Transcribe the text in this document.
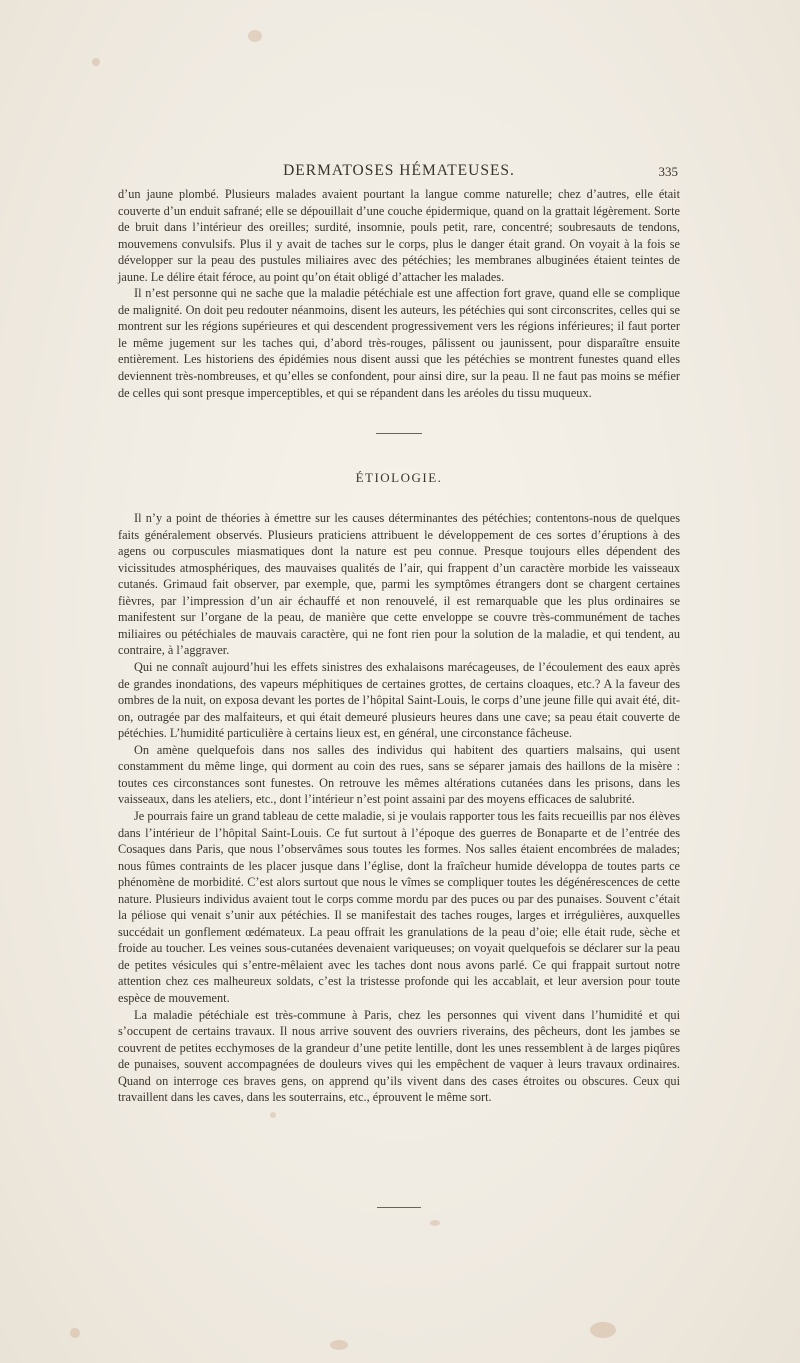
DERMATOSES HÉMATEUSES.	335

d’un jaune plombé. Plusieurs malades avaient pourtant la langue comme naturelle; chez d’autres, elle était couverte d’un enduit safrané; elle se dépouillait d’une couche épidermique, quand on la grattait légèrement. Sorte de bruit dans l’intérieur des oreilles; surdité, insomnie, pouls petit, rare, concentré; soubresauts de tendons, mouvemens convulsifs. Plus il y avait de taches sur le corps, plus le danger était grand. On voyait à la fois se développer sur la peau des pustules miliaires avec des pétéchies; les membranes albuginées étaient teintes de jaune. Le délire était féroce, au point qu’on était obligé d’attacher les malades.

Il n’est personne qui ne sache que la maladie pétéchiale est une affection fort grave, quand elle se complique de malignité. On doit peu redouter néanmoins, disent les auteurs, les pétéchies qui sont circonscrites, celles qui se montrent sur les régions supérieures et qui descendent progressivement vers les régions inférieures; il faut porter le même jugement sur les taches qui, d’abord très-rouges, pâlissent ou jaunissent, pour disparaître ensuite entièrement. Les historiens des épidémies nous disent aussi que les pétéchies se montrent funestes quand elles deviennent très-nombreuses, et qu’elles se confondent, pour ainsi dire, sur la peau. Il ne faut pas moins se méfier de celles qui sont presque imperceptibles, et qui se répandent dans les aréoles du tissu muqueux.

ÉTIOLOGIE.

Il n’y a point de théories à émettre sur les causes déterminantes des pétéchies; contentons-nous de quelques faits généralement observés. Plusieurs praticiens attribuent le développement de ces sortes d’éruptions à des agens ou corpuscules miasmatiques dont la nature est peu connue. Presque toujours elles dépendent des vicissitudes atmosphériques, des mauvaises qualités de l’air, qui frappent d’un caractère morbide les vaisseaux cutanés. Grimaud fait observer, par exemple, que, parmi les symptômes étrangers dont se chargent certaines fièvres, par l’impression d’un air échauffé et non renouvelé, il est remarquable que les plus ordinaires se manifestent sur l’organe de la peau, de manière que cette enveloppe se couvre très-communément de taches miliaires ou pétéchiales de mauvais caractère, qui ne font rien pour la solution de la maladie, et qui tendent, au contraire, à l’aggraver.

Qui ne connaît aujourd’hui les effets sinistres des exhalaisons marécageuses, de l’écoulement des eaux après de grandes inondations, des vapeurs méphitiques de certaines grottes, de certains cloaques, etc.? A la faveur des ombres de la nuit, on exposa devant les portes de l’hôpital Saint-Louis, le corps d’une jeune fille qui avait été, dit-on, outragée par des malfaiteurs, et qui était demeuré plusieurs heures dans une cave; sa peau était couverte de pétéchies. L’humidité particulière à certains lieux est, en général, une circonstance fâcheuse.

On amène quelquefois dans nos salles des individus qui habitent des quartiers malsains, qui usent constamment du même linge, qui dorment au coin des rues, sans se séparer jamais des haillons de la misère : toutes ces circonstances sont funestes. On retrouve les mêmes altérations cutanées dans les prisons, dans les vaisseaux, dans les ateliers, etc., dont l’intérieur n’est point assaini par des moyens efficaces de salubrité.

Je pourrais faire un grand tableau de cette maladie, si je voulais rapporter tous les faits recueillis par nos élèves dans l’intérieur de l’hôpital Saint-Louis. Ce fut surtout à l’époque des guerres de Bonaparte et de l’entrée des Cosaques dans Paris, que nous l’observâmes sous toutes les formes. Nos salles étaient encombrées de malades; nous fûmes contraints de les placer jusque dans l’église, dont la fraîcheur humide développa de toutes parts ce phénomène de morbidité. C’est alors surtout que nous le vîmes se compliquer toutes les dégénérescences de cette nature. Plusieurs individus avaient tout le corps comme mordu par des puces ou par des punaises. Souvent c’était la péliose qui venait s’unir aux pétéchies. Il se manifestait des taches rouges, larges et irrégulières, auxquelles succédait un gonflement œdémateux. La peau offrait les granulations de la peau d’oie; elle était rude, sèche et froide au toucher. Les veines sous-cutanées devenaient variqueuses; on voyait quelquefois se déclarer sur la peau de petites vésicules qui s’entre-mêlaient avec les taches dont nous avons parlé. Ce qui frappait surtout notre attention chez ces malheureux soldats, c’est la tristesse profonde qui les accablait, et leur aversion pour toute espèce de mouvement.

La maladie pétéchiale est très-commune à Paris, chez les personnes qui vivent dans l’humidité et qui s’occupent de certains travaux. Il nous arrive souvent des ouvriers riverains, des pêcheurs, dont les jambes se couvrent de petites ecchymoses de la grandeur d’une petite lentille, dont les unes ressemblent à de larges piqûres de punaises, souvent accompagnées de douleurs vives qui les empêchent de vaquer à leurs travaux ordinaires. Quand on interroge ces braves gens, on apprend qu’ils vivent dans des cases étroites ou obscures. Ceux qui travaillent dans les caves, dans les souterrains, etc., éprouvent le même sort.
